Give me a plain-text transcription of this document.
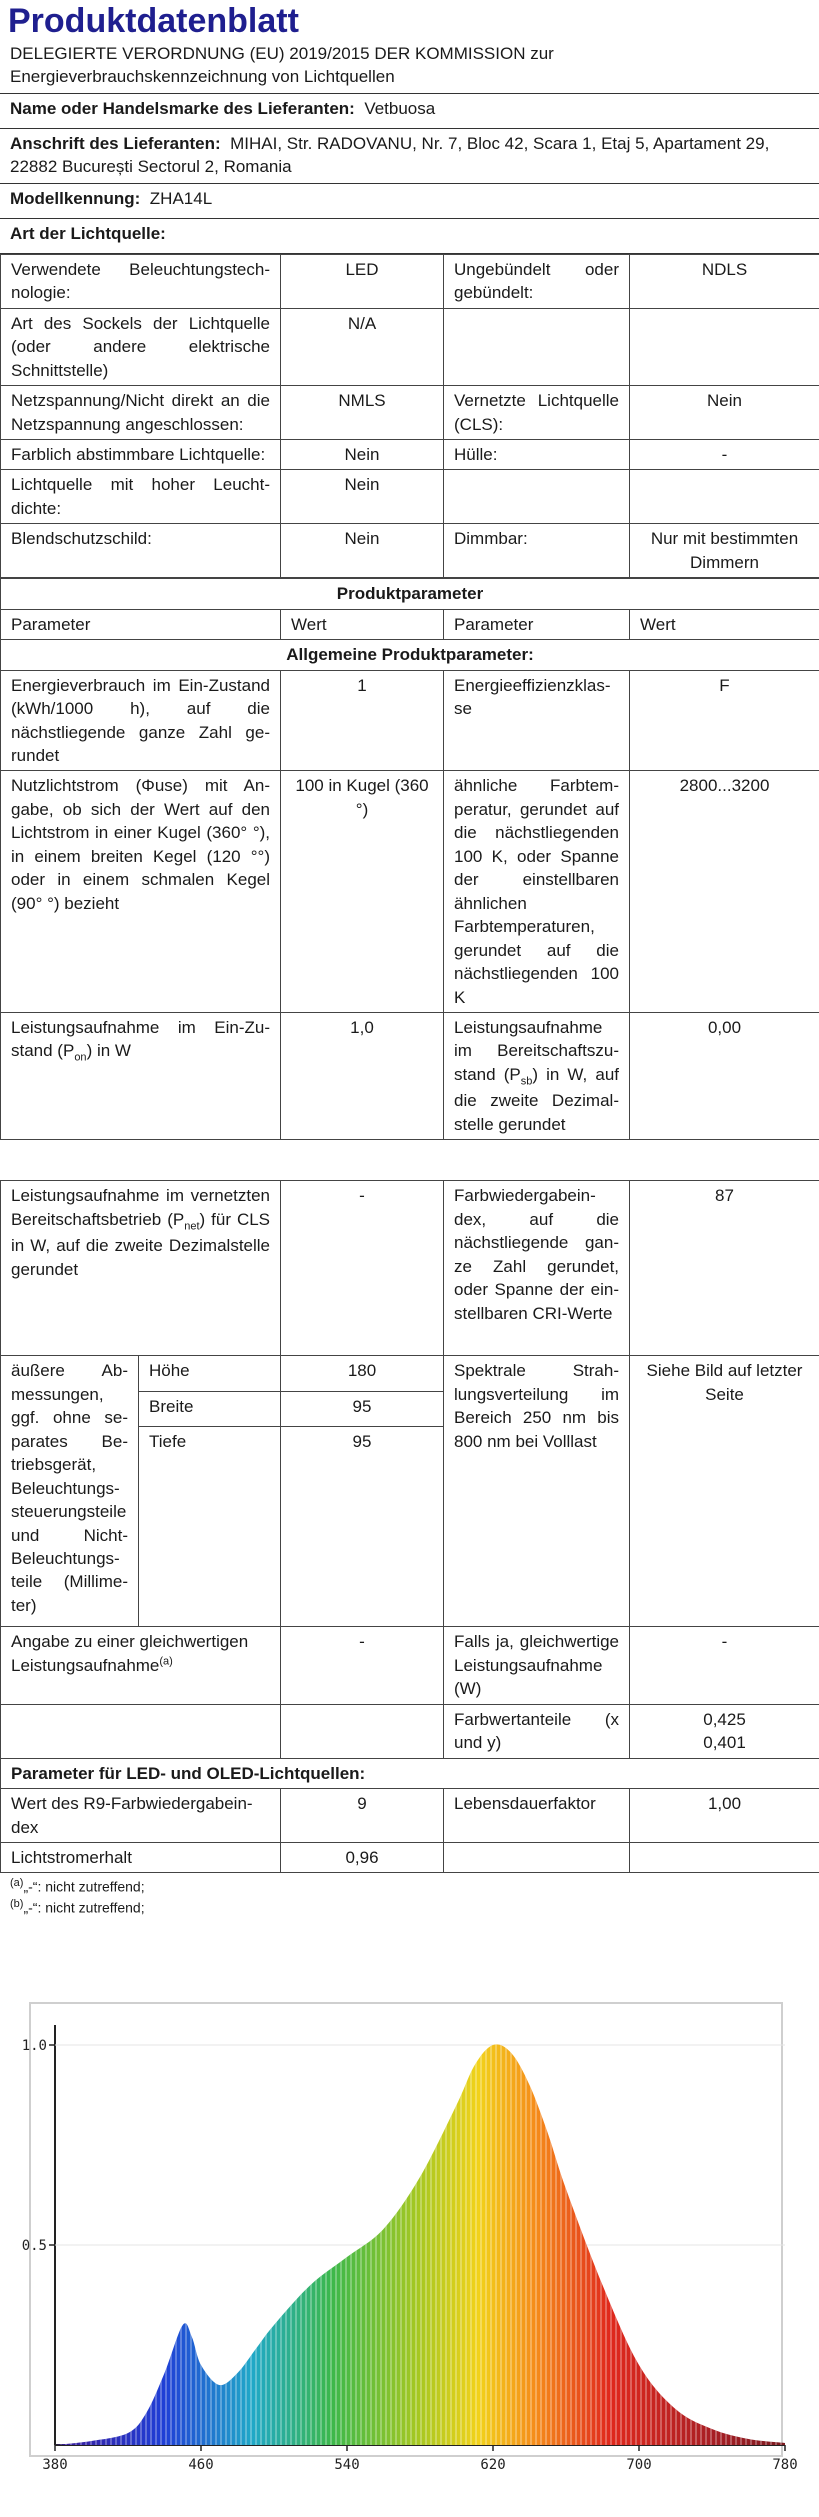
Produktdatenblatt
DELEGIERTE VERORDNUNG (EU) 2019/2015 DER KOMMISSION zur Energieverbrauchskennzeichnung von Lichtquellen
Name oder Handelsmarke des Lieferanten: Vetbuosa
Anschrift des Lieferanten: MIHAI, Str. RADOVANU, Nr. 7, Bloc 42, Scara 1, Etaj 5, Apartament 29, 22882 București Sectorul 2, Romania
Modellkennung: ZHA14L
Art der Lichtquelle:
Verwendete Beleuchtungstechnologie:	LED	Ungebündelt oder gebündelt:	NDLS
Art des Sockels der Lichtquelle (oder andere elektrische Schnittstelle)	N/A		
Netzspannung/Nicht direkt an die Netzspannung angeschlossen:	NMLS	Vernetzte Lichtquelle (CLS):	Nein
Farblich abstimmbare Lichtquelle:	Nein	Hülle:	-
Lichtquelle mit hoher Leuchtdichte:	Nein		
Blendschutzschild:	Nein	Dimmbar:	Nur mit bestimmten Dimmern
Produktparameter			
Parameter	Wert	Parameter	Wert
Allgemeine Produktparameter:			
Energieverbrauch im Ein-Zustand (kWh/1000 h), auf die nächstliegende ganze Zahl gerundet	1	Energieeffizienzklasse	F
Nutzlichtstrom (Φuse) mit Angabe, ob sich der Wert auf den Lichtstrom in einer Kugel (360° °), in einem breiten Kegel (120 °°) oder in einem schmalen Kegel (90° °) bezieht	100 in Kugel (360 °)	ähnliche Farbtemperatur, gerundet auf die nächstliegenden 100 K, oder Spanne der einstellbaren ähnlichen Farbtemperaturen, gerundet auf die nächstliegenden 100 K	2800...3200
Leistungsaufnahme im Ein-Zustand $(P_{on})$ in W	1,0	Leistungsaufnahme im Bereitschaftszustand $(P_{sb})$ in W, auf die zweite Dezimalstelle gerundet	0,00
Leistungsaufnahme im vernetzten Bereitschaftsbetrieb $(P_{net})$ für CLS in W, auf die zweite Dezimalstelle gerundet		-	Farbwiedergabeindex, auf die nächstliegende ganze Zahl gerundet, oder Spanne der einstellbaren CRI-Werte	87
äußere Abmessungen, ggf. ohne separates Betriebsgerät, Beleuchtungssteuerungsteile und Nicht-Beleuchtungsteile (Millimeter)	Höhe	180	Spektrale Strahlungsverteilung im Bereich 250 nm bis 800 nm bei Volllast	Siehe Bild auf letzter Seite
	Breite	95		
	Tiefe	95		
Angabe zu einer gleichwertigen Leistungsaufnahme$^{(a)}$		-	Falls ja, gleichwertige Leistungsaufnahme (W)	-
			Farbwertanteile (x und y)	0,425
0,401

Parameter für LED- und OLED-Lichtquellen:				
Wert des R9-Farbwiedergabeindex		9	Lebensdauerfaktor	1,00
Lichtstromerhalt		0,96		
$^{(a)}$„-“: nicht zutreffend;
$^{(b)}$„-“: nicht zutreffend;
380	460	540	620	700	780
1.0
0.5
